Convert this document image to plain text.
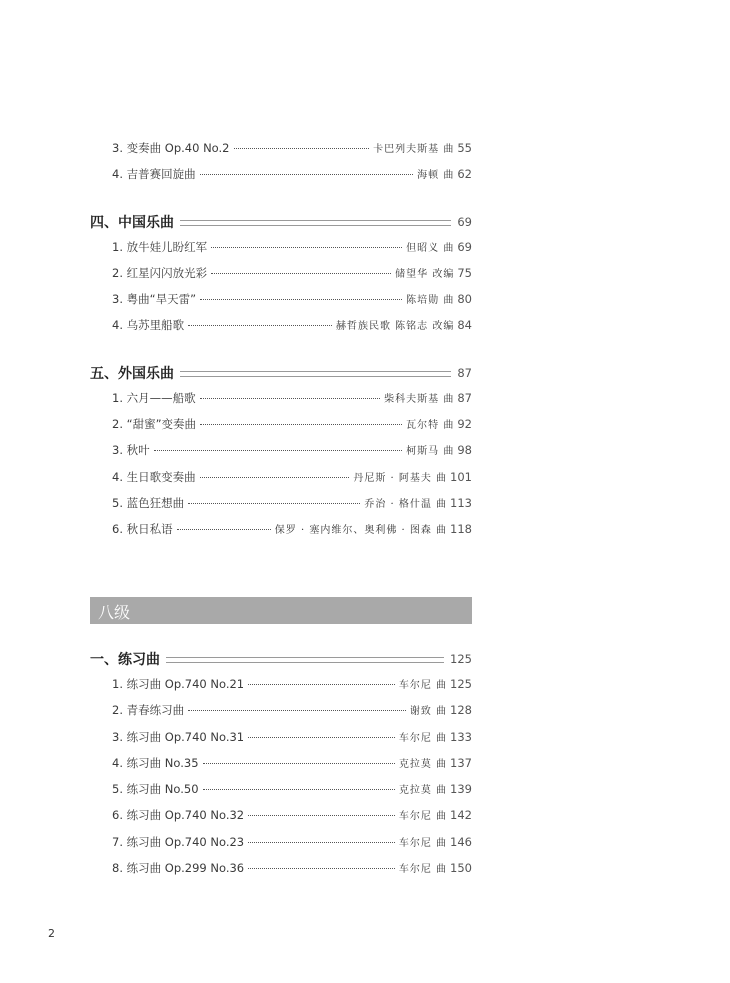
3. 变奏曲 Op.40 No.2	卡巴列夫斯基 曲 55
4. 吉普赛回旋曲	海顿 曲 62
四、中国乐曲	69
1. 放牛娃儿盼红军	但昭义 曲 69
2. 红星闪闪放光彩	储望华 改编 75
3. 粤曲“旱天雷”	陈培勋 曲 80
4. 乌苏里船歌	赫哲族民歌 陈铭志 改编 84
五、外国乐曲	87
1. 六月——船歌	柴科夫斯基 曲 87
2. “甜蜜”变奏曲	瓦尔特 曲 92
3. 秋叶	柯斯马 曲 98
4. 生日歌变奏曲	丹尼斯 · 阿基夫 曲 101
5. 蓝色狂想曲	乔治 · 格什温 曲 113
6. 秋日私语	保罗 · 塞内维尔、奥利佛 · 图森 曲 118
八级
一、练习曲	125
1. 练习曲 Op.740 No.21	车尔尼 曲 125
2. 青春练习曲	谢致 曲 128
3. 练习曲 Op.740 No.31	车尔尼 曲 133
4. 练习曲 No.35	克拉莫 曲 137
5. 练习曲 No.50	克拉莫 曲 139
6. 练习曲 Op.740 No.32	车尔尼 曲 142
7. 练习曲 Op.740 No.23	车尔尼 曲 146
8. 练习曲 Op.299 No.36	车尔尼 曲 150
2
